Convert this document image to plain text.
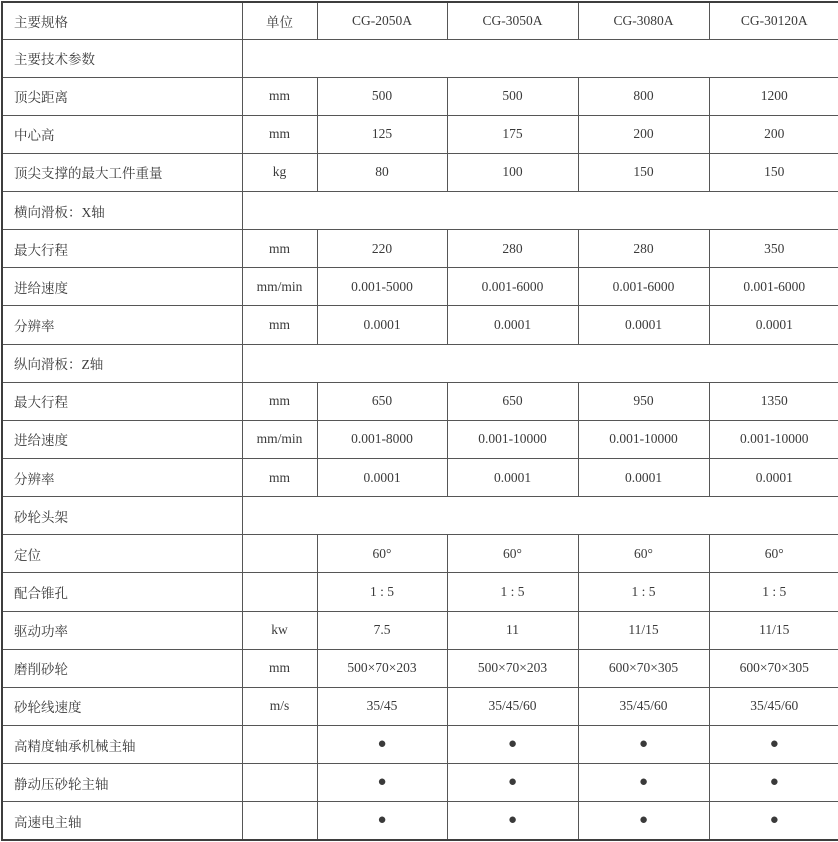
主要规格	单位	CG-2050A	CG-3050A	CG-3080A	CG-30120A
主要技术参数					
顶尖距离	mm	500	500	800	1200
中心高	mm	125	175	200	200
顶尖支撑的最大工件重量	kg	80	100	150	150
横向滑板：X轴					
最大行程	mm	220	280	280	350
进给速度	mm/min	0.001-5000	0.001-6000	0.001-6000	0.001-6000
分辨率	mm	0.0001	0.0001	0.0001	0.0001
纵向滑板：Z轴					
最大行程	mm	650	650	950	1350
进给速度	mm/min	0.001-8000	0.001-10000	0.001-10000	0.001-10000
分辨率	mm	0.0001	0.0001	0.0001	0.0001
砂轮头架					
定位		60°	60°	60°	60°
配合锥孔		1 : 5	1 : 5	1 : 5	1 : 5
驱动功率	kw	7.5	11	11/15	11/15
磨削砂轮	mm	500×70×203	500×70×203	600×70×305	600×70×305
砂轮线速度	m/s	35/45	35/45/60	35/45/60	35/45/60
高精度轴承机械主轴		●	●	●	●
静动压砂轮主轴		●	●	●	●
高速电主轴		●	●	●	●
